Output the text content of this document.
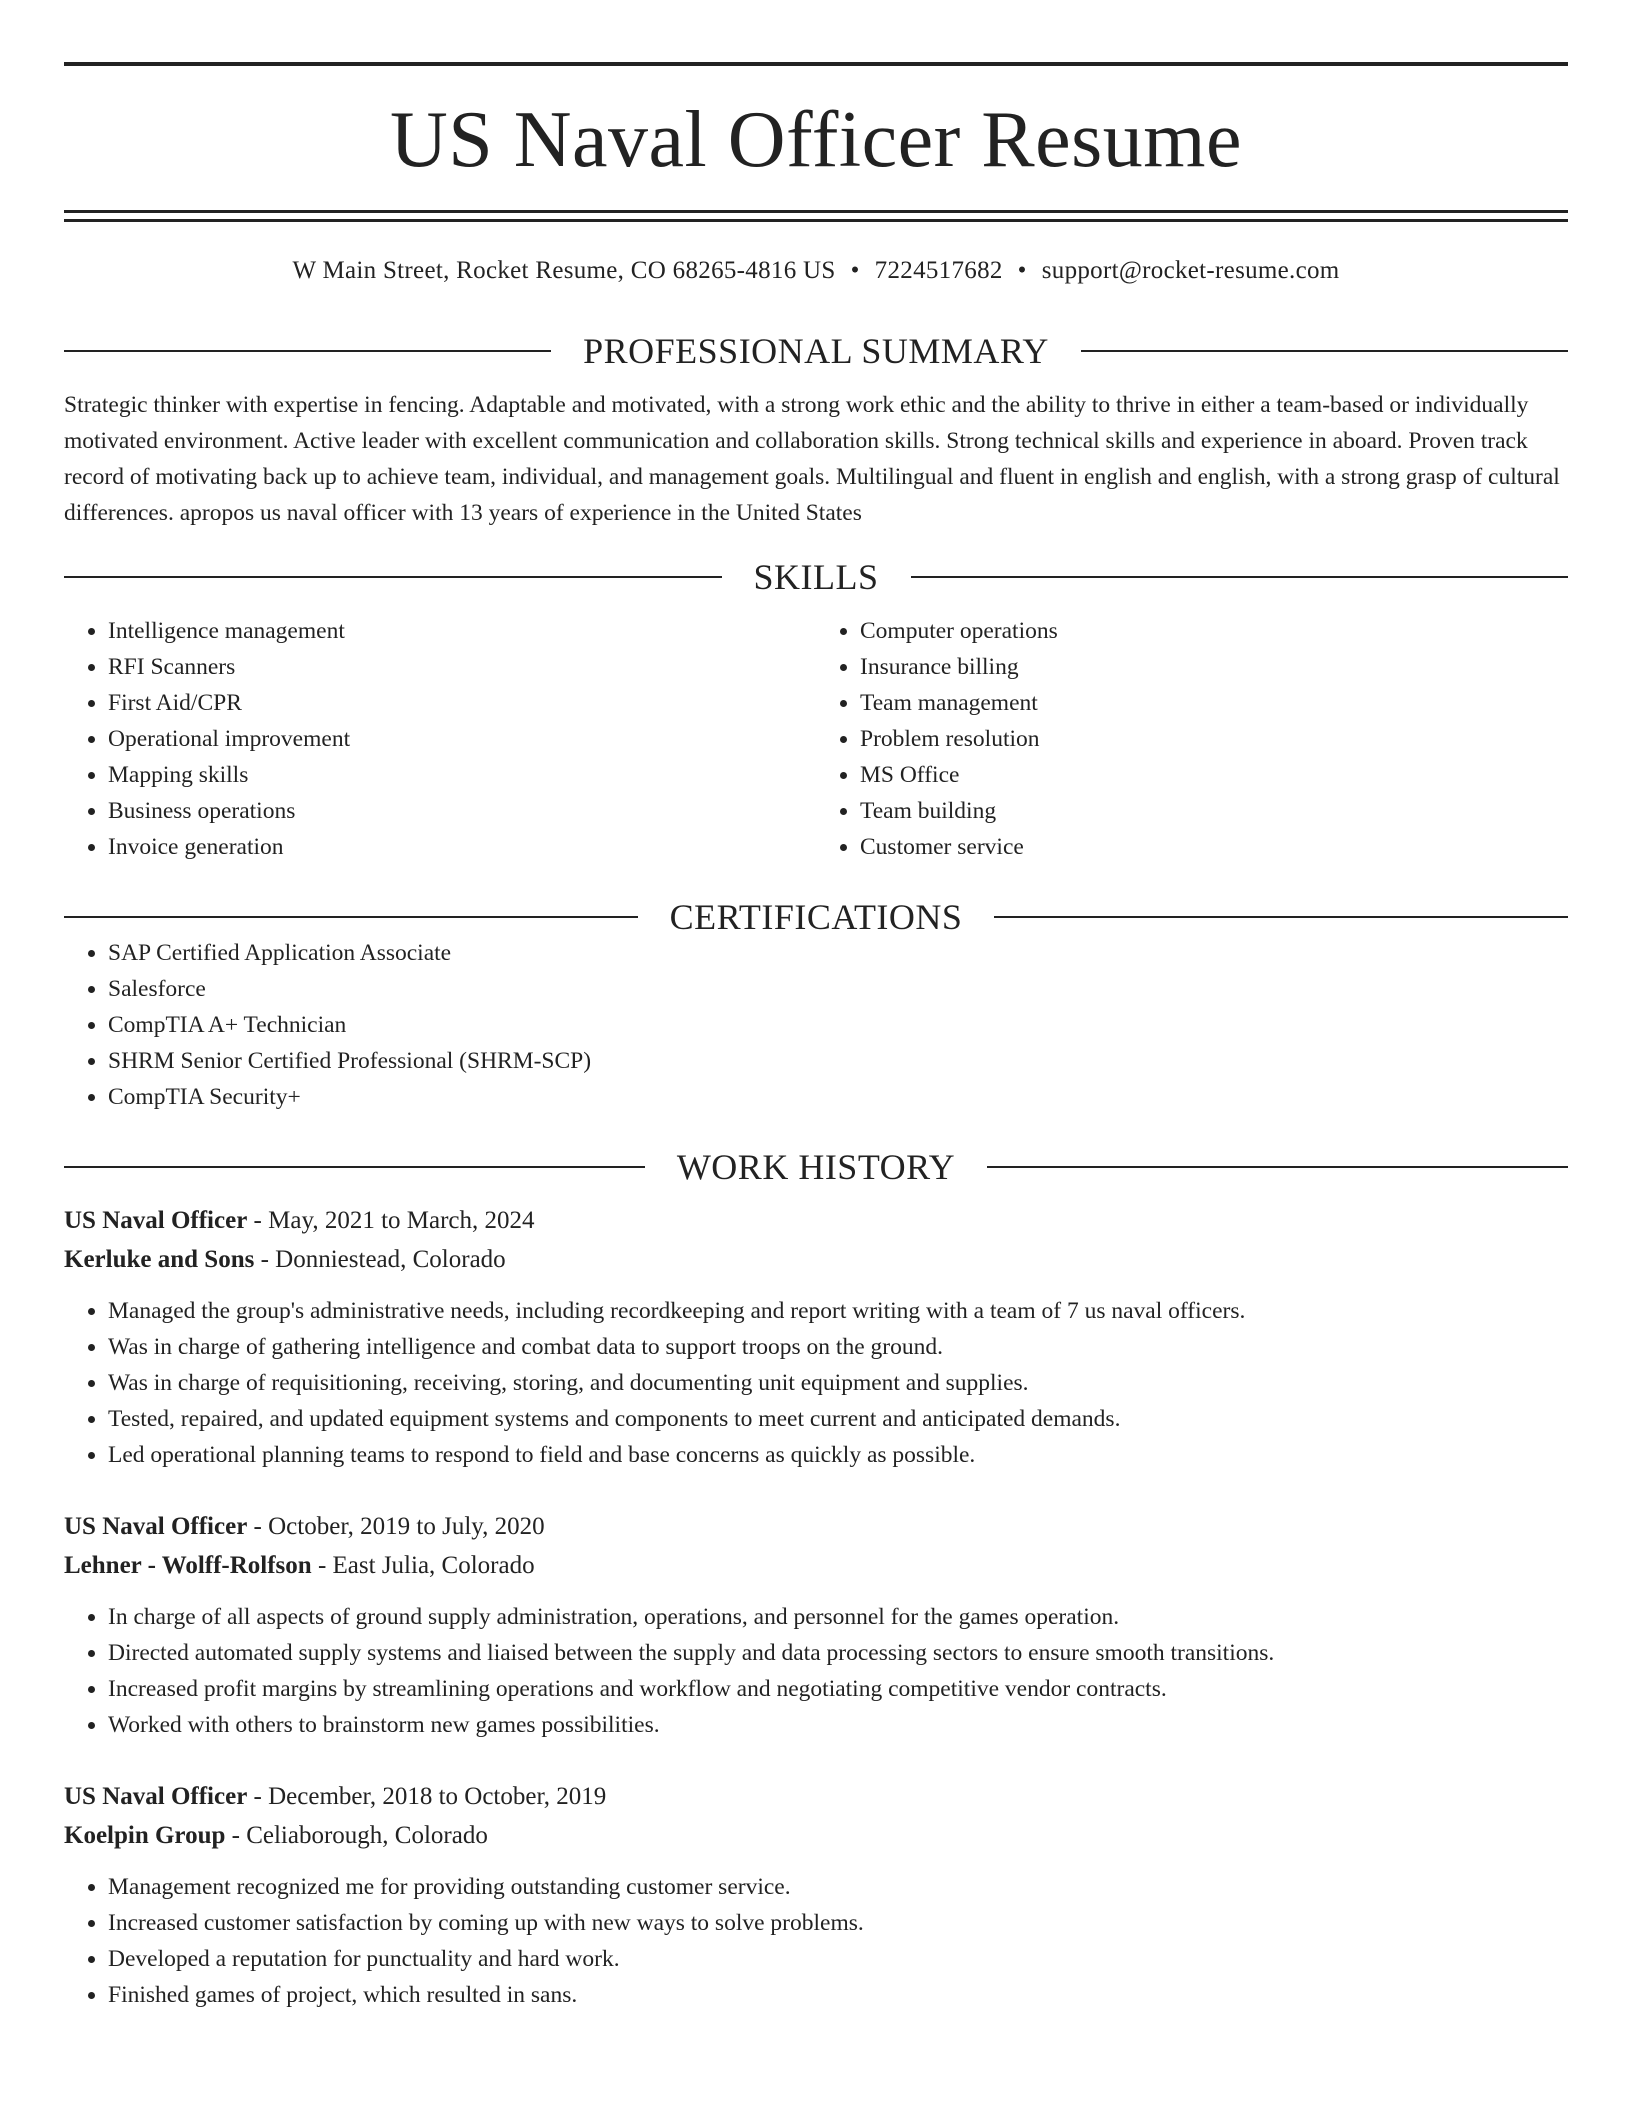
US Naval Officer Resume
W Main Street, Rocket Resume, CO 68265-4816 US • 7224517682 • support@rocket-resume.com
PROFESSIONAL SUMMARY

Strategic thinker with expertise in fencing. Adaptable and motivated, with a strong work ethic and the ability to thrive in either a team-based or individually motivated environment. Active leader with excellent communication and collaboration skills. Strong technical skills and experience in aboard. Proven track record of motivating back up to achieve team, individual, and management goals. Multilingual and fluent in english and english, with a strong grasp of cultural differences. apropos us naval officer with 13 years of experience in the United States

SKILLS
• Intelligence management
• RFI Scanners
• First Aid/CPR
• Operational improvement
• Mapping skills
• Business operations
• Invoice generation
• Computer operations
• Insurance billing
• Team management
• Problem resolution
• MS Office
• Team building
• Customer service
CERTIFICATIONS
• SAP Certified Application Associate
• Salesforce
• CompTIA A+ Technician
• SHRM Senior Certified Professional (SHRM-SCP)
• CompTIA Security+
WORK HISTORY
US Naval Officer - May, 2021 to March, 2024
Kerluke and Sons - Donniestead, Colorado
• Managed the group's administrative needs, including recordkeeping and report writing with a team of 7 us naval officers.
• Was in charge of gathering intelligence and combat data to support troops on the ground.
• Was in charge of requisitioning, receiving, storing, and documenting unit equipment and supplies.
• Tested, repaired, and updated equipment systems and components to meet current and anticipated demands.
• Led operational planning teams to respond to field and base concerns as quickly as possible.
US Naval Officer - October, 2019 to July, 2020
Lehner - Wolff-Rolfson - East Julia, Colorado
• In charge of all aspects of ground supply administration, operations, and personnel for the games operation.
• Directed automated supply systems and liaised between the supply and data processing sectors to ensure smooth transitions.
• Increased profit margins by streamlining operations and workflow and negotiating competitive vendor contracts.
• Worked with others to brainstorm new games possibilities.
US Naval Officer - December, 2018 to October, 2019
Koelpin Group - Celiaborough, Colorado
• Management recognized me for providing outstanding customer service.
• Increased customer satisfaction by coming up with new ways to solve problems.
• Developed a reputation for punctuality and hard work.
• Finished games of project, which resulted in sans.
